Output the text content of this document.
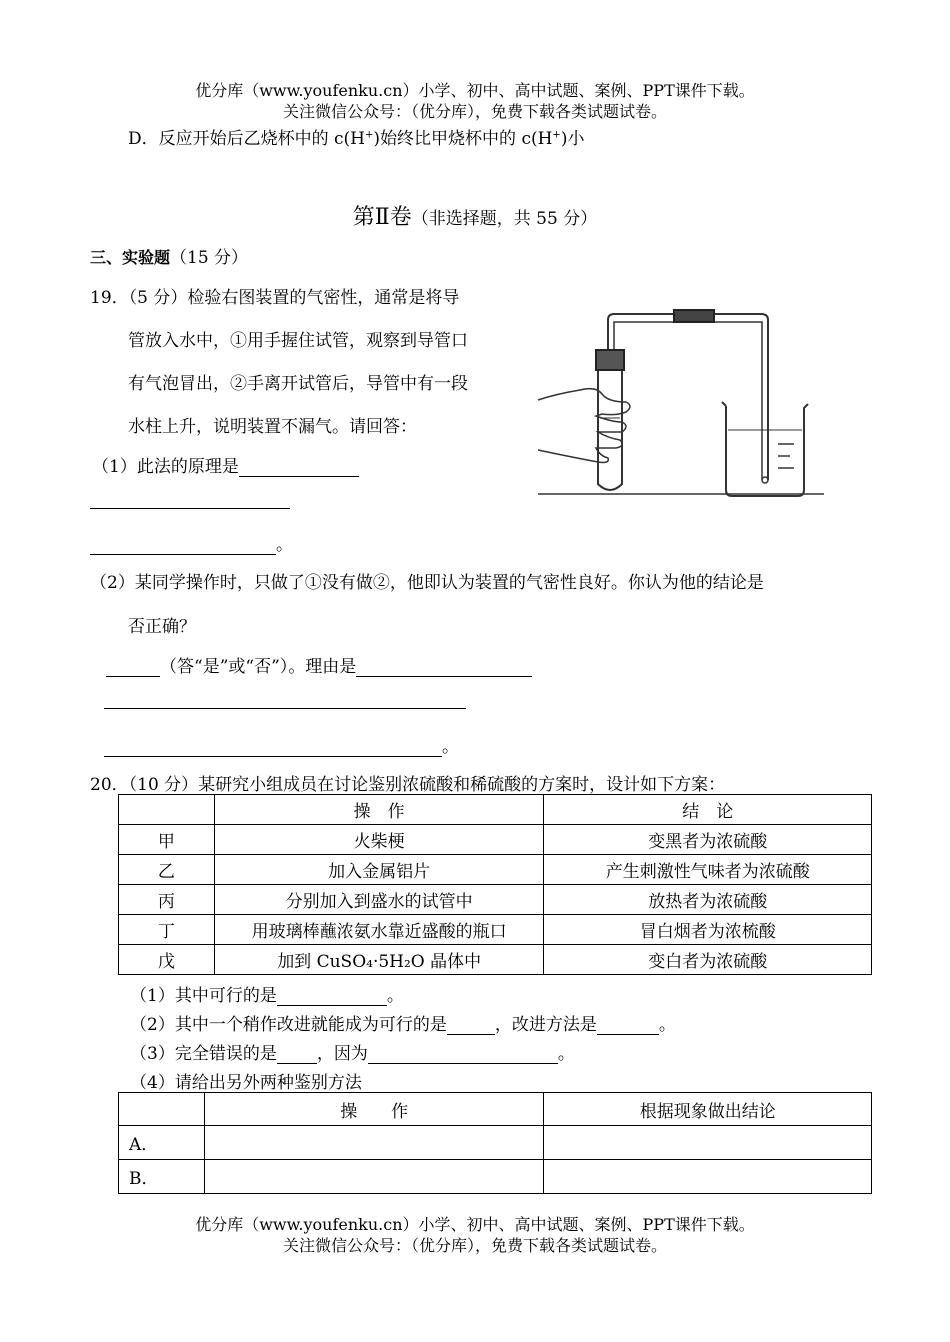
优分库（www.youfenku.cn）小学、初中、高中试题、案例、PPT课件下载。
关注微信公众号：（优分库），免费下载各类试题试卷。
D．反应开始后乙烧杯中的 c(H+)始终比甲烧杯中的 c(H+)小
第Ⅱ卷（非选择题，共 55 分）
三、实验题（15 分）
19．（5 分）检验右图装置的气密性，通常是将导
管放入水中，①用手握住试管，观察到导管口
有气泡冒出，②手离开试管后，导管中有一段
水柱上升，说明装置不漏气。请回答：
（1）此法的原理是
。
（2）某同学操作时，只做了①没有做②，他即认为装置的气密性良好。你认为他的结论是
否正确？
（答“是”或“否”）。理由是
。
20．（10 分）某研究小组成员在讨论鉴别浓硫酸和稀硫酸的方案时，设计如下方案：
	操　作	结　论
甲	火柴梗	变黑者为浓硫酸
乙	加入金属铝片	产生刺激性气味者为浓硫酸
丙	分别加入到盛水的试管中	放热者为浓硫酸
丁	用玻璃棒蘸浓氨水靠近盛酸的瓶口	冒白烟者为浓梳酸
戊	加到 CuSO₄·5H₂O 晶体中	变白者为浓硫酸
（1）其中可行的是	。
（2）其中一个稍作改进就能成为可行的是	，改进方法是	。
（3）完全错误的是 ，因为	。
（4）请给出另外两种鉴别方法
	操　　作	根据现象做出结论
A．		
B．		
优分库（www.youfenku.cn）小学、初中、高中试题、案例、PPT课件下载。
关注微信公众号：（优分库），免费下载各类试题试卷。
